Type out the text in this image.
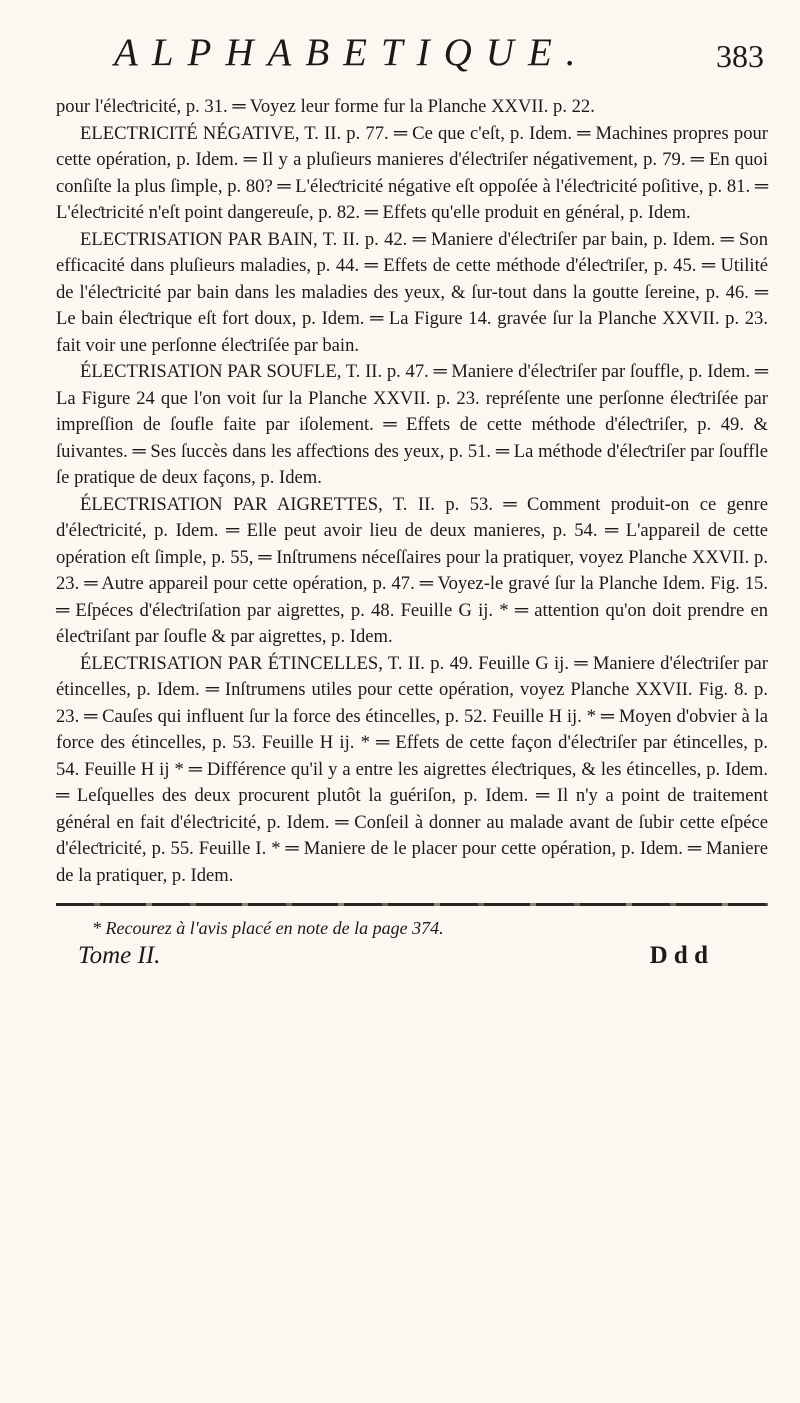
ALPHABETIQUE.	383

pour l'éleƈtricité, p. 31. ═ Voyez leur forme fur la Planche XXVII. p. 22.

ELECTRICITÉ NÉGATIVE, T. II. p. 77. ═ Ce que c'eſt, p. Idem. ═ Machines propres pour cette opération, p. Idem. ═ Il y a pluſieurs manieres d'éleƈtriſer négativement, p. 79. ═ En quoi conſiſte la plus ſimple, p. 80? ═ L'éleƈtricité négative eſt oppoſée à l'éleƈtricité poſitive, p. 81. ═ L'éleƈtricité n'eſt point dangereuſe, p. 82. ═ Effets qu'elle produit en général, p. Idem.

ELECTRISATION PAR BAIN, T. II. p. 42. ═ Maniere d'éleƈtriſer par bain, p. Idem. ═ Son efficacité dans pluſieurs maladies, p. 44. ═ Effets de cette méthode d'éleƈtriſer, p. 45. ═ Utilité de l'éleƈtricité par bain dans les maladies des yeux, & ſur-tout dans la goutte ſereine, p. 46. ═ Le bain éleƈtrique eſt fort doux, p. Idem. ═ La Figure 14. gravée ſur la Planche XXVII. p. 23. fait voir une perſonne éleƈtriſée par bain.

ÉLECTRISATION PAR SOUFLE, T. II. p. 47. ═ Maniere d'éleƈtriſer par ſouffle, p. Idem. ═ La Figure 24 que l'on voit ſur la Planche XXVII. p. 23. repréſente une perſonne éleƈtriſée par impreſſion de ſoufle faite par iſolement. ═ Effets de cette méthode d'éleƈtriſer, p. 49. & ſuivantes. ═ Ses ſuccès dans les affeƈtions des yeux, p. 51. ═ La méthode d'éleƈtriſer par ſouffle ſe pratique de deux façons, p. Idem.

ÉLECTRISATION PAR AIGRETTES, T. II. p. 53. ═ Comment produit-on ce genre d'éleƈtricité, p. Idem. ═ Elle peut avoir lieu de deux manieres, p. 54. ═ L'appareil de cette opération eſt ſimple, p. 55, ═ Inſtrumens néceſſaires pour la pratiquer, voyez Planche XXVII. p. 23. ═ Autre appareil pour cette opération, p. 47. ═ Voyez-le gravé ſur la Planche Idem. Fig. 15. ═ Eſpéces d'éleƈtriſation par aigrettes, p. 48. Feuille G ij. * ═ attention qu'on doit prendre en éleƈtriſant par ſoufle & par aigrettes, p. Idem.

ÉLECTRISATION PAR ÉTINCELLES, T. II. p. 49. Feuille G ij. ═ Maniere d'éleƈtriſer par étincelles, p. Idem. ═ Inſtrumens utiles pour cette opération, voyez Planche XXVII. Fig. 8. p. 23. ═ Cauſes qui influent ſur la force des étincelles, p. 52. Feuille H ij. * ═ Moyen d'obvier à la force des étincelles, p. 53. Feuille H ij. * ═ Effets de cette façon d'éleƈtriſer par étincelles, p. 54. Feuille H ij * ═ Différence qu'il y a entre les aigrettes éleƈtriques, & les étincelles, p. Idem. ═ Leſquelles des deux procurent plutôt la guériſon, p. Idem. ═ Il n'y a point de traitement général en fait d'éleƈtricité, p. Idem. ═ Conſeil à donner au malade avant de ſubir cette eſpéce d'éleƈtricité, p. 55. Feuille I. * ═ Maniere de le placer pour cette opération, p. Idem. ═ Maniere de la pratiquer, p. Idem.

* Recourez à l'avis placé en note de la page 374.
Tome II.	D d d
